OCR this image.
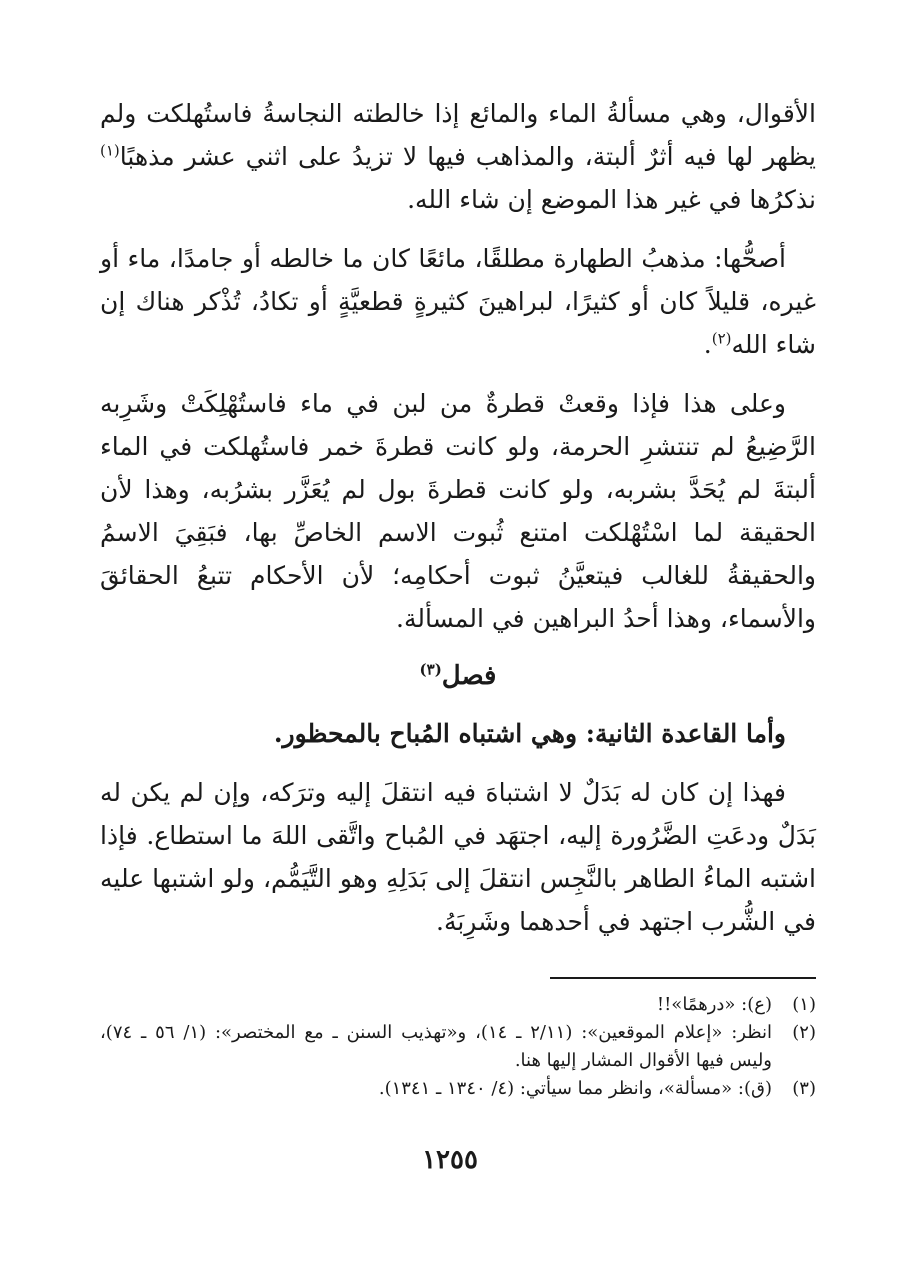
الأقوال، وهي مسألةُ الماء والمائع إذا خالطته النجاسةُ فاستُهلكت ولم يظهر لها فيه أثرٌ ألبتة، والمذاهب فيها لا تزيدُ على اثني عشر مذهبًا$^{(١)}$ نذكرُها في غير هذا الموضع إن شاء الله.

أصحُّها: مذهبُ الطهارة مطلقًا، مائعًا كان ما خالطه أو جامدًا، ماء أو غيره، قليلاً كان أو كثيرًا، لبراهينَ كثيرةٍ قطعيَّةٍ أو تكادُ، تُذْكر هناك إن شاء الله$^{(٢)}$.

وعلى هذا فإذا وقعتْ قطرةٌ من لبن في ماء فاستُهْلِكَتْ وشَرِبه الرَّضِيعُ لم تنتشرِ الحرمة، ولو كانت قطرةَ خمر فاستُهلكت في الماء ألبتةَ لم يُحَدَّ بشربه، ولو كانت قطرةَ بول لم يُعَزَّر بشرُبه، وهذا لأن الحقيقة لما اسْتُهْلكت امتنع ثُبوت الاسم الخاصِّ بها، فبَقِيَ الاسمُ والحقيقةُ للغالب فيتعيَّنُ ثبوت أحكامِه؛ لأن الأحكام تتبعُ الحقائقَ والأسماء، وهذا أحدُ البراهين في المسألة.

فصل$^{(٣)}$

وأما القاعدة الثانية: وهي اشتباه المُباح بالمحظور.

فهذا إن كان له بَدَلٌ لا اشتباهَ فيه انتقلَ إليه وترَكه، وإن لم يكن له بَدَلٌ ودعَتِ الضَّرُورة إليه، اجتهَد في المُباح واتَّقى اللهَ ما استطاع. فإذا اشتبه الماءُ الطاهر بالنَّجِس انتقلَ إلى بَدَلِهِ وهو التَّيَمُّم، ولو اشتبها عليه في الشُّرب اجتهد في أحدهما وشَرِبَهُ.

(١)
(ع): «درهمًا»!!
(٢)
انظر: «إعلام الموقعين»: (٢/١١ ـ ١٤)، و«تهذيب السنن ـ مع المختصر»: (١/ ٥٦ ـ ٧٤)، وليس فيها الأقوال المشار إليها هنا.
(٣)
(ق): «مسألة»، وانظر مما سيأتي: (٤/ ١٣٤٠ ـ ١٣٤١).
١٢٥٥
